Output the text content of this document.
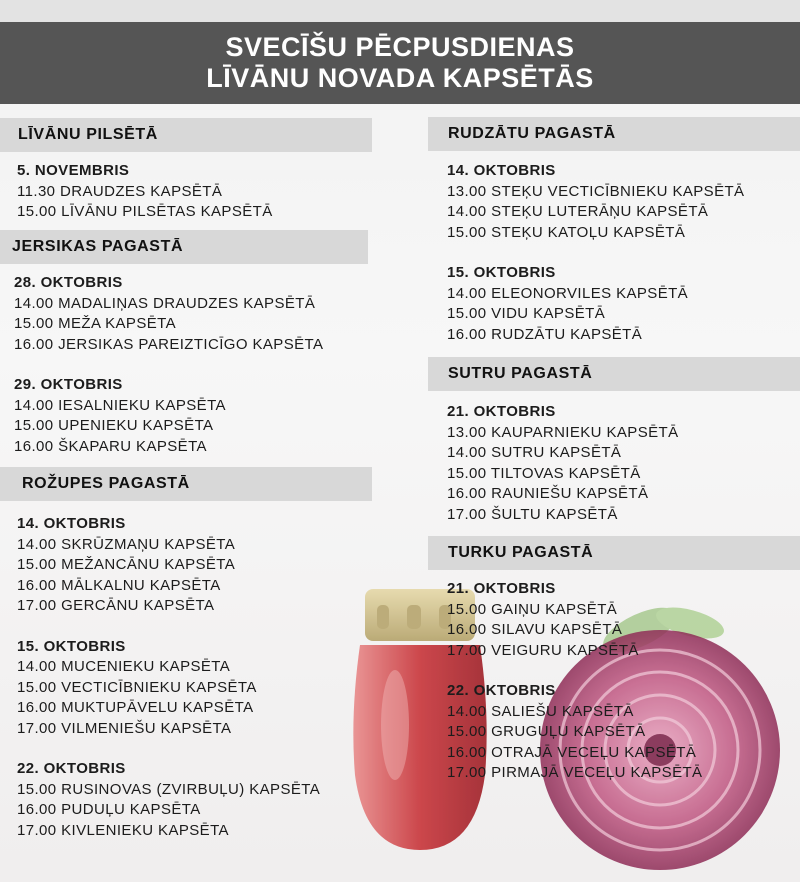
SVECĪŠU PĒCPUSDIENAS
LĪVĀNU NOVADA KAPSĒTĀS
LĪVĀNU PILSĒTĀ
5. NOVEMBRIS
11.30 DRAUDZES KAPSĒTĀ
15.00 LĪVĀNU PILSĒTAS KAPSĒTĀ
JERSIKAS PAGASTĀ
28. OKTOBRIS
14.00 MADALIŅAS DRAUDZES KAPSĒTĀ
15.00 MEŽA KAPSĒTA
16.00 JERSIKAS PAREIZTICĪGO KAPSĒTA
29. OKTOBRIS
14.00 IESALNIEKU KAPSĒTA
15.00 UPENIEKU KAPSĒTA
16.00 ŠKAPARU KAPSĒTA
ROŽUPES PAGASTĀ
14. OKTOBRIS
14.00 SKRŪZMAŅU KAPSĒTA
15.00 MEŽANCĀNU KAPSĒTA
16.00 MĀLKALNU KAPSĒTA
17.00 GERCĀNU KAPSĒTA
15. OKTOBRIS
14.00 MUCENIEKU KAPSĒTA
15.00 VECTICĪBNIEKU KAPSĒTA
16.00 MUKTUPĀVELU KAPSĒTA
17.00 VILMENIEŠU KAPSĒTA
22. OKTOBRIS
15.00 RUSINOVAS (ZVIRBUĻU) KAPSĒTA
16.00 PUDUĻU KAPSĒTA
17.00 KIVLENIEKU KAPSĒTA
RUDZĀTU PAGASTĀ
14. OKTOBRIS
13.00 STEĶU VECTICĪBNIEKU KAPSĒTĀ
14.00 STEĶU LUTERĀŅU KAPSĒTĀ
15.00 STEĶU KATOĻU KAPSĒTĀ
15. OKTOBRIS
14.00 ELEONORVILES KAPSĒTĀ
15.00 VIDU KAPSĒTĀ
16.00 RUDZĀTU KAPSĒTĀ
SUTRU PAGASTĀ
21. OKTOBRIS
13.00 KAUPARNIEKU KAPSĒTĀ
14.00 SUTRU KAPSĒTĀ
15.00 TILTOVAS KAPSĒTĀ
16.00 RAUNIEŠU KAPSĒTĀ
17.00 ŠULTU KAPSĒTĀ
TURKU PAGASTĀ
21. OKTOBRIS
15.00 GAIŅU KAPSĒTĀ
16.00 SILAVU KAPSĒTĀ
17.00 VEIGURU KAPSĒTĀ
22. OKTOBRIS
14.00 SALIEŠU KAPSĒTĀ
15.00 GRUGUĻU KAPSĒTĀ
16.00 OTRAJĀ VECEĻU KAPSĒTĀ
17.00 PIRMAJĀ VECEĻU KAPSĒTĀ
